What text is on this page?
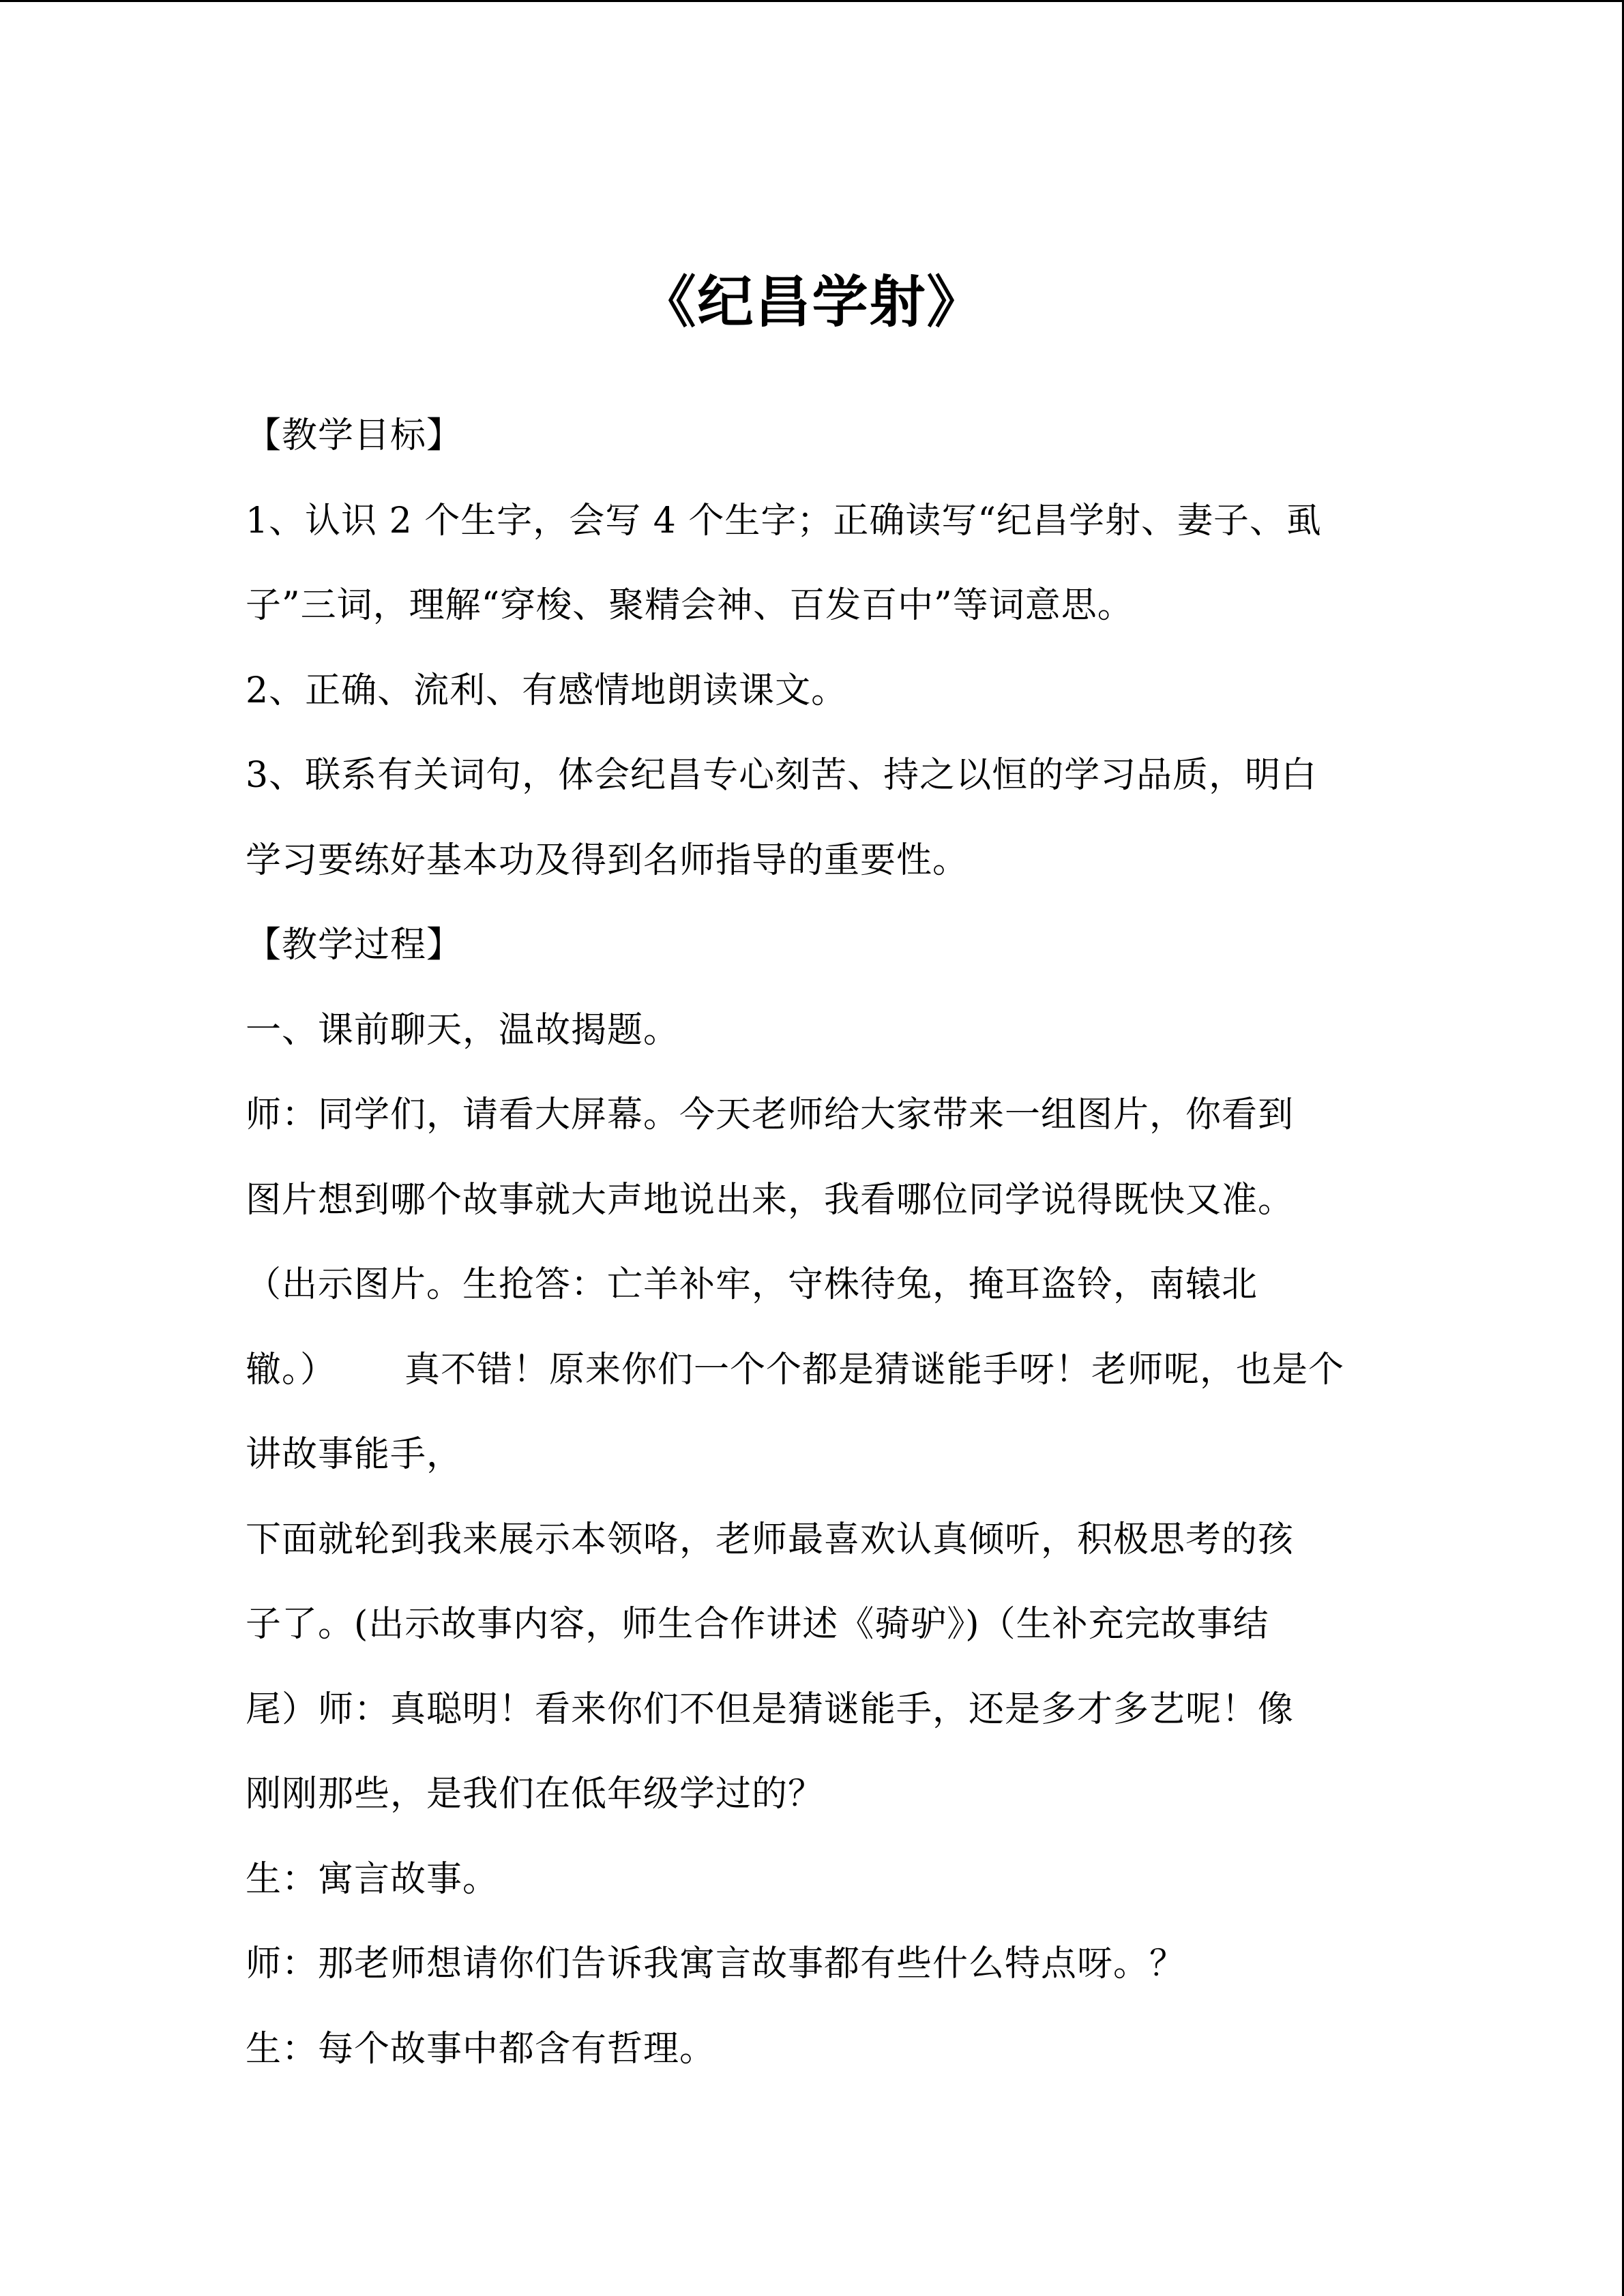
《纪昌学射》
【教学目标】
1、认识 2 个生字，会写 4 个生字；正确读写“纪昌学射、妻子、虱
子”三词，理解“穿梭、聚精会神、百发百中”等词意思。
2、正确、流利、有感情地朗读课文。
3、联系有关词句，体会纪昌专心刻苦、持之以恒的学习品质，明白
学习要练好基本功及得到名师指导的重要性。
【教学过程】
一、课前聊天，温故揭题。
师：同学们，请看大屏幕。今天老师给大家带来一组图片，你看到
图片想到哪个故事就大声地说出来，我看哪位同学说得既快又准。
（出示图片。生抢答：亡羊补牢，守株待兔，掩耳盗铃，南辕北
辙。） 真不错！原来你们一个个都是猜谜能手呀！老师呢，也是个
讲故事能手，
下面就轮到我来展示本领咯，老师最喜欢认真倾听，积极思考的孩
子了。(出示故事内容，师生合作讲述《骑驴》)（生补充完故事结
尾）师：真聪明！看来你们不但是猜谜能手，还是多才多艺呢！像
刚刚那些，是我们在低年级学过的？
生：寓言故事。
师：那老师想请你们告诉我寓言故事都有些什么特点呀。？
生：每个故事中都含有哲理。
